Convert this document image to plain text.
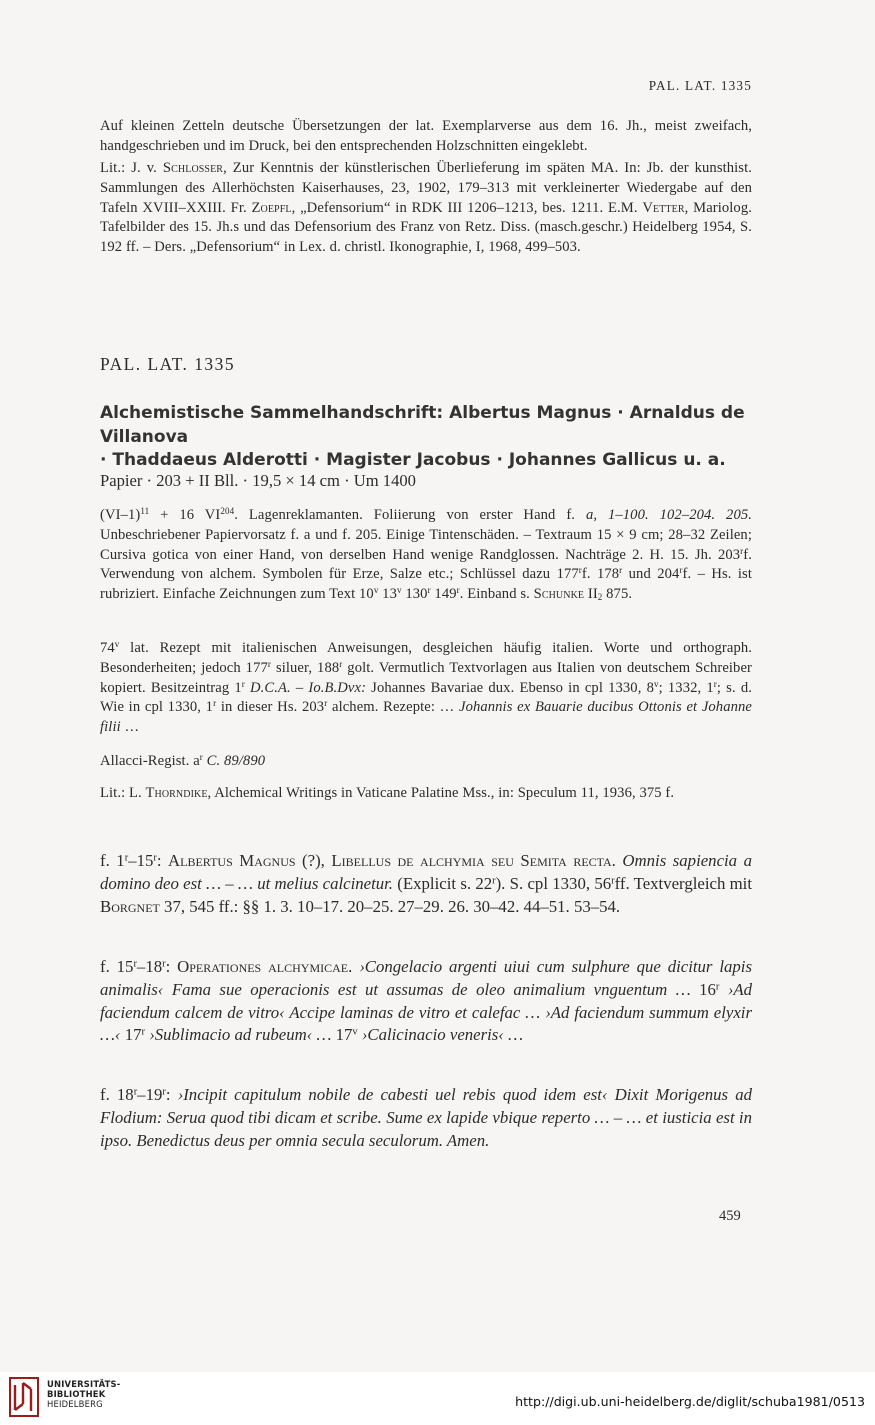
PAL. LAT. 1335

Auf kleinen Zetteln deutsche Übersetzungen der lat. Exemplarverse aus dem 16. Jh., meist zweifach, handgeschrieben und im Druck, bei den entsprechenden Holzschnitten eingeklebt.

Lit.: J. v. Schlosser, Zur Kenntnis der künstlerischen Überlieferung im späten MA. In: Jb. der kunsthist. Sammlungen des Allerhöchsten Kaiserhauses, 23, 1902, 179–313 mit verkleinerter Wiedergabe auf den Tafeln XVIII–XXIII. Fr. Zoepfl, „Defensorium“ in RDK III 1206–1213, bes. 1211. E.M. Vetter, Mariolog. Tafelbilder des 15. Jh.s und das Defensorium des Franz von Retz. Diss. (masch.geschr.) Heidelberg 1954, S. 192 ff. – Ders. „Defensorium“ in Lex. d. christl. Ikonographie, I, 1968, 499–503.

PAL. LAT. 1335
Alchemistische Sammelhandschrift: Albertus Magnus · Arnaldus de Villanova
· Thaddaeus Alderotti · Magister Jacobus · Johannes Gallicus u. a.
Papier · 203 + II Bll. · 19,5 × 14 cm · Um 1400

$(VI-1)^{11} + 16$ VI$^{204}$. Lagenreklamanten. Foliierung von erster Hand f. a, 1–100. 102–204. 205. Unbeschriebener Papiervorsatz f. a und f. 205. Einige Tintenschäden. – Textraum 15 × 9 cm; 28–32 Zeilen; Cursiva gotica von einer Hand, von derselben Hand wenige Randglossen. Nachträge 2. H. 15. Jh. 203$^r$f. Verwendung von alchem. Symbolen für Erze, Salze etc.; Schlüssel dazu 177$^r$f. 178$^r$ und 204$^r$f. – Hs. ist rubriziert. Einfache Zeichnungen zum Text 10$^v$ 13$^v$ 130$^r$ 149$^r$. Einband s. Schunke $II_2$ 875.

74$^v$ lat. Rezept mit italienischen Anweisungen, desgleichen häufig italien. Worte und orthograph. Besonderheiten; jedoch 177$^r$ siluer, 188$^r$ golt. Vermutlich Textvorlagen aus Italien von deutschem Schreiber kopiert. Besitzeintrag 1$^r$ D.C.A. – Io.B.Dvx: Johannes Bavariae dux. Ebenso in cpl 1330, 8$^v$; 1332, 1$^r$; s. d. Wie in cpl 1330, 1$^r$ in dieser Hs. 203$^r$ alchem. Rezepte: … Johannis ex Bauarie ducibus Ottonis et Johanne filii …

Allacci-Regist. $a^r$ C. 89/890

Lit.: L. Thorndike, Alchemical Writings in Vaticane Palatine Mss., in: Speculum 11, 1936, 375 f.

f. 1$^r$–15$^r$: Albertus Magnus (?), Libellus de alchymia seu Semita recta. Omnis sapiencia a domino deo est … – … ut melius calcinetur. (Explicit s. 22$^r$). S. cpl 1330, 56$^r$ff. Textvergleich mit Borgnet 37, 545 ff.: §§ 1. 3. 10–17. 20–25. 27–29. 26. 30–42. 44–51. 53–54.

f. 15$^r$–18$^r$: Operationes alchymicae. ›Congelacio argenti uiui cum sulphure que dicitur lapis animalis‹ Fama sue operacionis est ut assumas de oleo animalium vnguentum … 16$^r$ ›Ad faciendum calcem de vitro‹ Accipe laminas de vitro et calefac … ›Ad faciendum summum elyxir …‹ 17$^r$ ›Sublimacio ad rubeum‹ … 17$^v$ ›Calicinacio veneris‹ …

f. 18$^r$–19$^r$: ›Incipit capitulum nobile de cabesti uel rebis quod idem est‹ Dixit Morigenus ad Flodium: Serua quod tibi dicam et scribe. Sume ex lapide vbique reperto … – … et iusticia est in ipso. Benedictus deus per omnia secula seculorum. Amen.

459
UNIVERSITÄTS-
BIBLIOTHEK
HEIDELBERG	http://digi.ub.uni-heidelberg.de/diglit/schuba1981/0513
